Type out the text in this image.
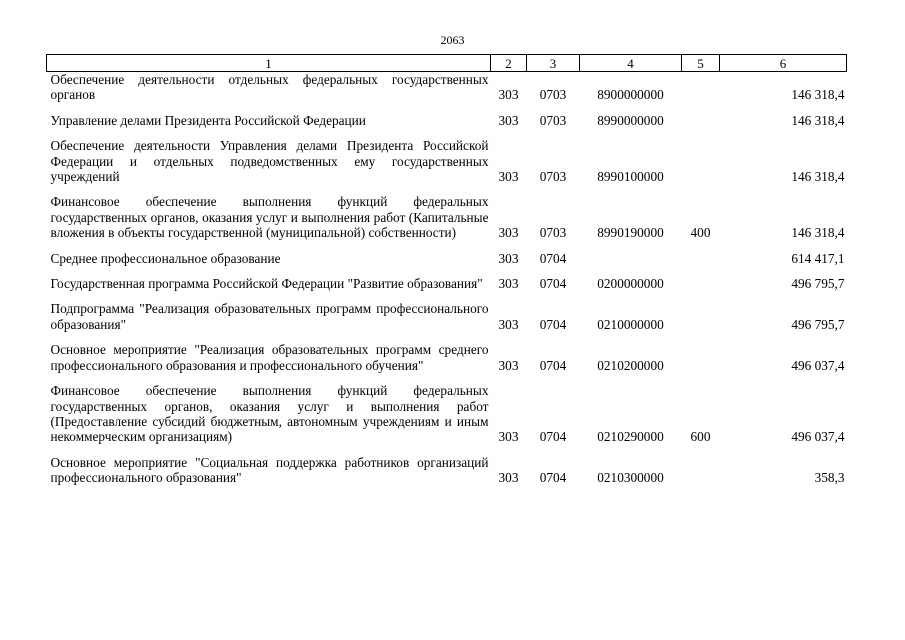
2063
1	2	3	4	5	6
Обеспечение деятельности отдельных федеральных государственных органов	303	0703	8900000000		146 318,4

Управление делами Президента Российской Федерации	303	0703	8990000000		146 318,4

Обеспечение деятельности Управления делами Президента Российской Федерации и отдельных подведомственных ему государственных учреждений	303	0703	8990100000		146 318,4

Финансовое обеспечение выполнения функций федеральных государственных органов, оказания услуг и выполнения работ (Капитальные вложения в объекты государственной (муниципальной) собственности)	303	0703	8990190000	400	146 318,4

Среднее профессиональное образование	303	0704			614 417,1

Государственная программа Российской Федерации "Развитие образования"	303	0704	0200000000		496 795,7

Подпрограмма "Реализация образовательных программ профессионального образования"	303	0704	0210000000		496 795,7

Основное мероприятие "Реализация образовательных программ среднего профессионального образования и профессионального обучения"	303	0704	0210200000		496 037,4

Финансовое обеспечение выполнения функций федеральных государственных органов, оказания услуг и выполнения работ (Предоставление субсидий бюджетным, автономным учреждениям и иным некоммерческим организациям)	303	0704	0210290000	600	496 037,4

Основное мероприятие "Социальная поддержка работников организаций профессионального образования"	303	0704	0210300000		358,3
